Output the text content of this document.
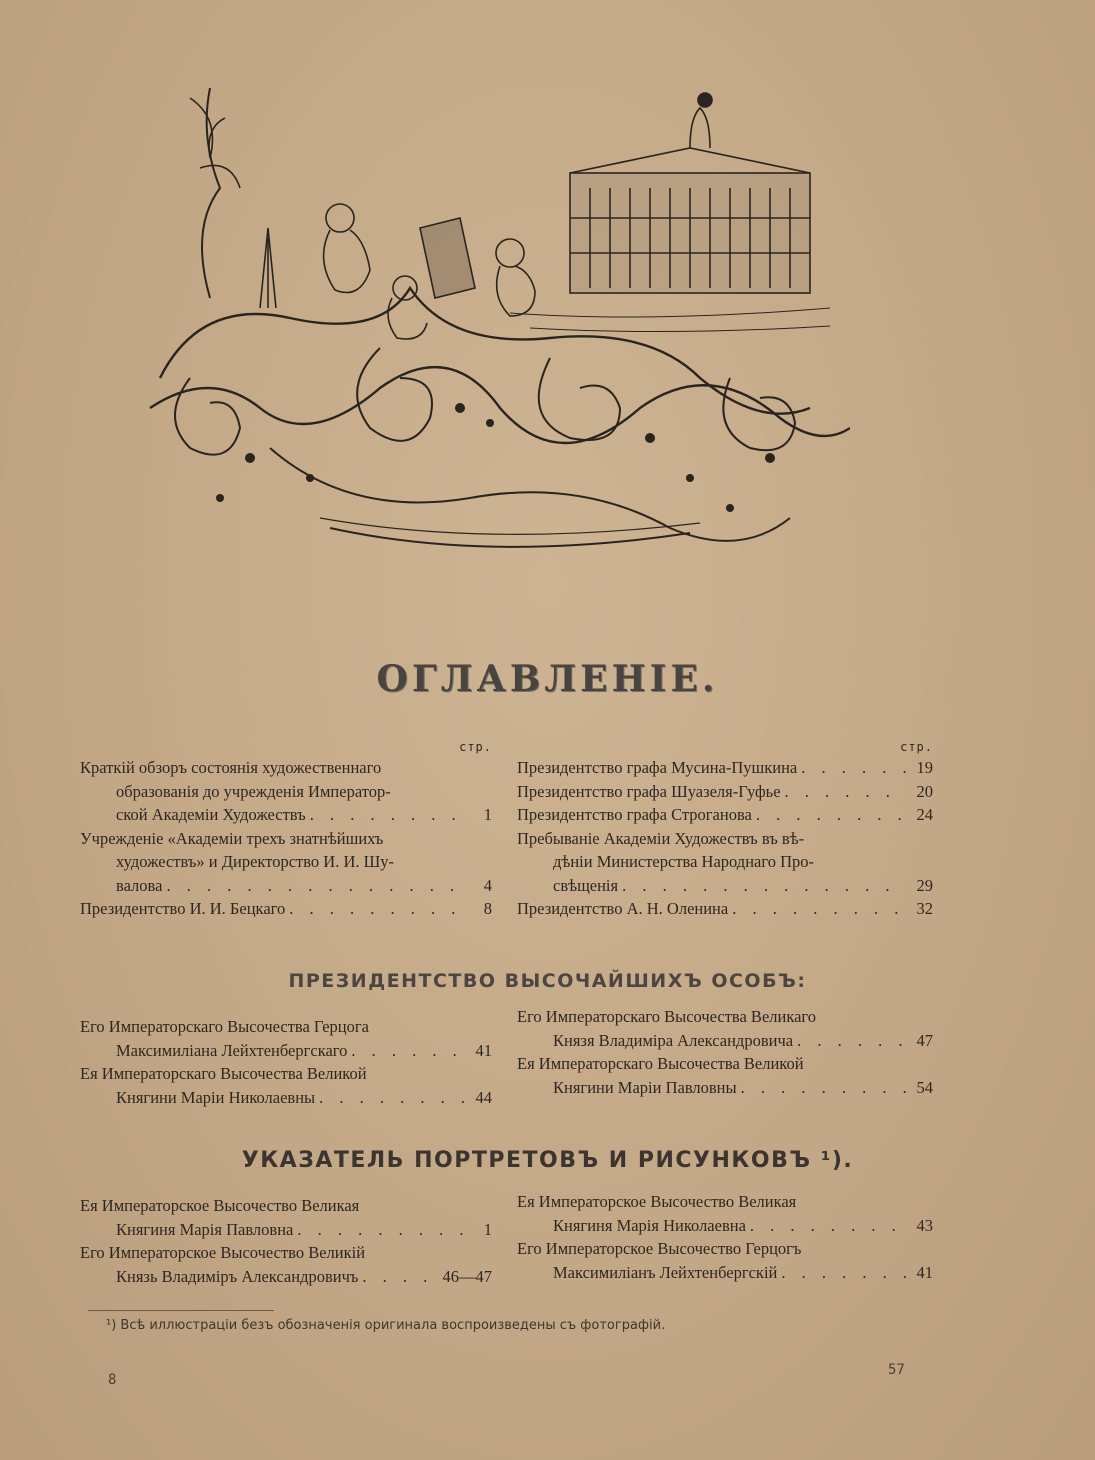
ОГЛАВЛЕНІЕ.
стр.
Краткій обзоръ состоянія художественнаго
образованія до учрежденія Император-
ской Академіи Художествъ . . .	1
Учрежденіе «Академіи трехъ знатнѣйшихъ
художествъ» и Директорство И. И. Шу-
валова . . .	4
Президентство И. И. Бецкаго . . .	8
стр.
Президентство графа Мусина-Пушкина . . .	19
Президентство графа Шуазеля-Гуфье . . .	20
Президентство графа Строганова . . .	24
Пребываніе Академіи Художествъ въ вѣ-
дѣніи Министерства Народнаго Про-
свѣщенія . . .	29
Президентство А. Н. Оленина . . .	32
ПРЕЗИДЕНТСТВО ВЫСОЧАЙШИХЪ ОСОБЪ:
Его Императорскаго Высочества Герцога
Максимиліана Лейхтенбергскаго . . .	41
Ея Императорскаго Высочества Великой
Княгини Маріи Николаевны . . .	44
Его Императорскаго Высочества Великаго
Князя Владиміра Александровича . . .	47
Ея Императорскаго Высочества Великой
Княгини Маріи Павловны . . .	54
УКАЗАТЕЛЬ ПОРТРЕТОВЪ И РИСУНКОВЪ ¹).
Ея Императорское Высочество Великая
Княгиня Марія Павловна . . .	1
Его Императорское Высочество Великій
Князь Владиміръ Александровичъ . . .	46—47
Ея Императорское Высочество Великая
Княгиня Марія Николаевна . . .	43
Его Императорское Высочество Герцогъ
Максимиліанъ Лейхтенбергскій . . .	41
¹) Всѣ иллюстраціи безъ обозначенія оригинала воспроизведены съ фотографій.
8
57
